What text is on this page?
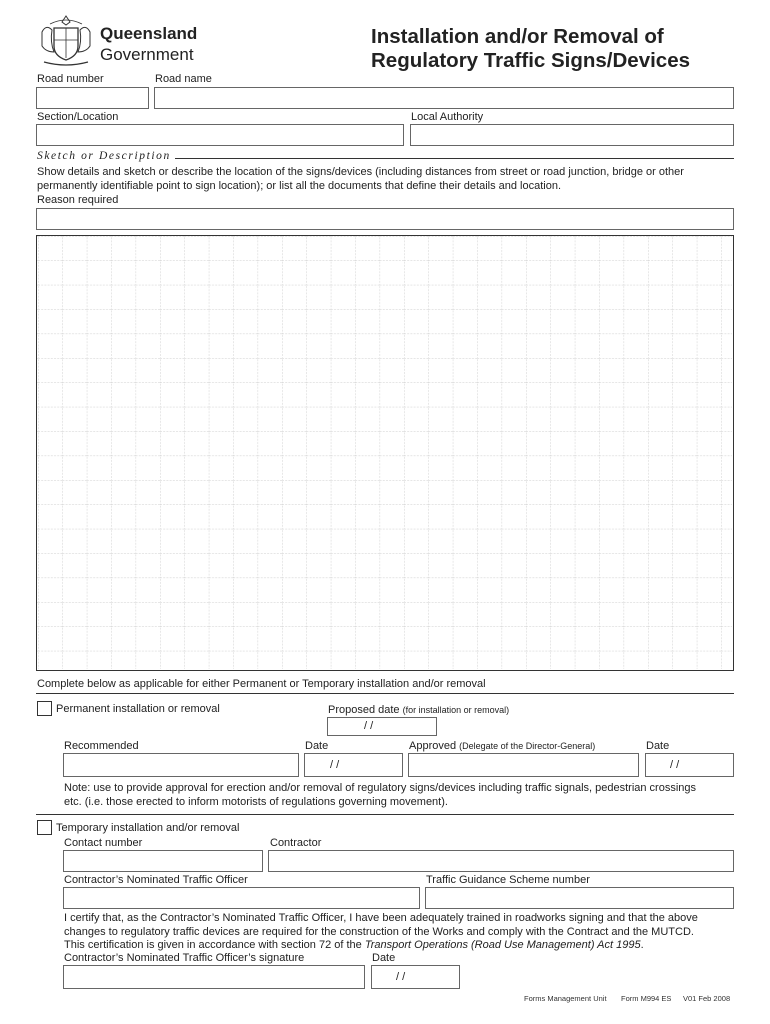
Queensland
Government
Installation and/or Removal of
Regulatory Traffic Signs/Devices
Road number	Road name
Section/Location	Local Authority
Sketch or Description
Show details and sketch or describe the location of the signs/devices (including distances from street or road junction, bridge or other
permanently identifiable point to sign location); or list all the documents that define their details and location.
Reason required
Complete below as applicable for either Permanent or Temporary installation and/or removal
Permanent installation or removal	Proposed date (for installation or removal)
/ /
Recommended	Date	Approved (Delegate of the Director-General)	Date
/ /	/ /
Note: use to provide approval for erection and/or removal of regulatory signs/devices including traffic signals, pedestrian crossings
etc. (i.e. those erected to inform motorists of regulations governing movement).
Temporary installation and/or removal
Contact number	Contractor
Contractor’s Nominated Traffic Officer	Traffic Guidance Scheme number
I certify that, as the Contractor’s Nominated Traffic Officer, I have been adequately trained in roadworks signing and that the above
changes to regulatory traffic devices are required for the construction of the Works and comply with the Contract and the MUTCD.
This certification is given in accordance with section 72 of the Transport Operations (Road Use Management) Act 1995.
Contractor’s Nominated Traffic Officer’s signature	Date
/ /
Forms Management Unit Form M994 ES V01 Feb 2008
